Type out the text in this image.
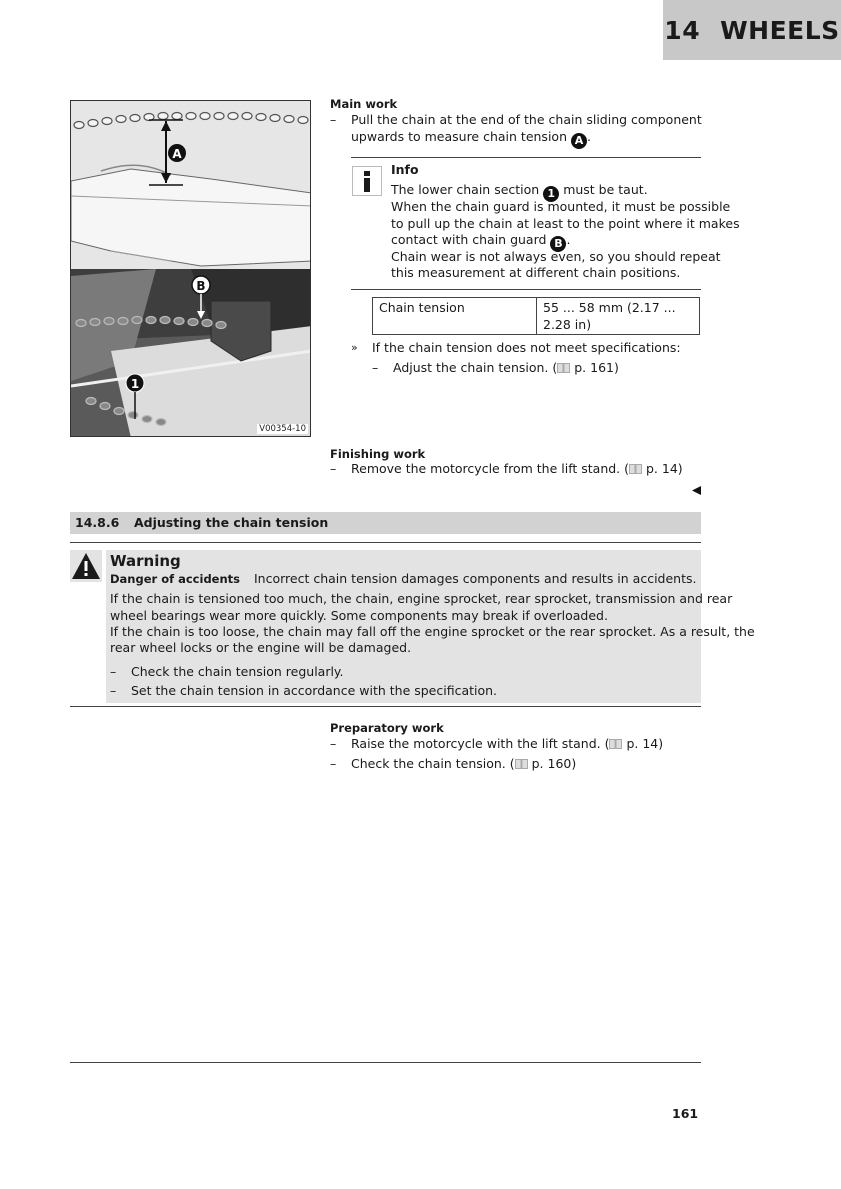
14 WHEELS
A
B
1
V00354-10
Main work
– Pull the chain at the end of the chain sliding component
upwards to measure chain tension A .
Info
The lower chain section 1 must be taut.
When the chain guard is mounted, it must be possible
to pull up the chain at least to the point where it makes
contact with chain guard B .
Chain wear is not always even, so you should repeat
this measurement at different chain positions.
Chain tension	55 ... 58 mm (2.17 ...
2.28 in)
» If the chain tension does not meet specifications:
– Adjust the chain tension. ( p. 161)
Finishing work
– Remove the motorcycle from the lift stand. ( p. 14)
14.8.6 Adjusting the chain tension
Warning
Danger of accidents Incorrect chain tension damages components and results in accidents.
If the chain is tensioned too much, the chain, engine sprocket, rear sprocket, transmission and rear
wheel bearings wear more quickly. Some components may break if overloaded.
If the chain is too loose, the chain may fall off the engine sprocket or the rear sprocket. As a result, the
rear wheel locks or the engine will be damaged.
– Check the chain tension regularly.
– Set the chain tension in accordance with the specification.
Preparatory work
– Raise the motorcycle with the lift stand. ( p. 14)
– Check the chain tension. ( p. 160)
161
